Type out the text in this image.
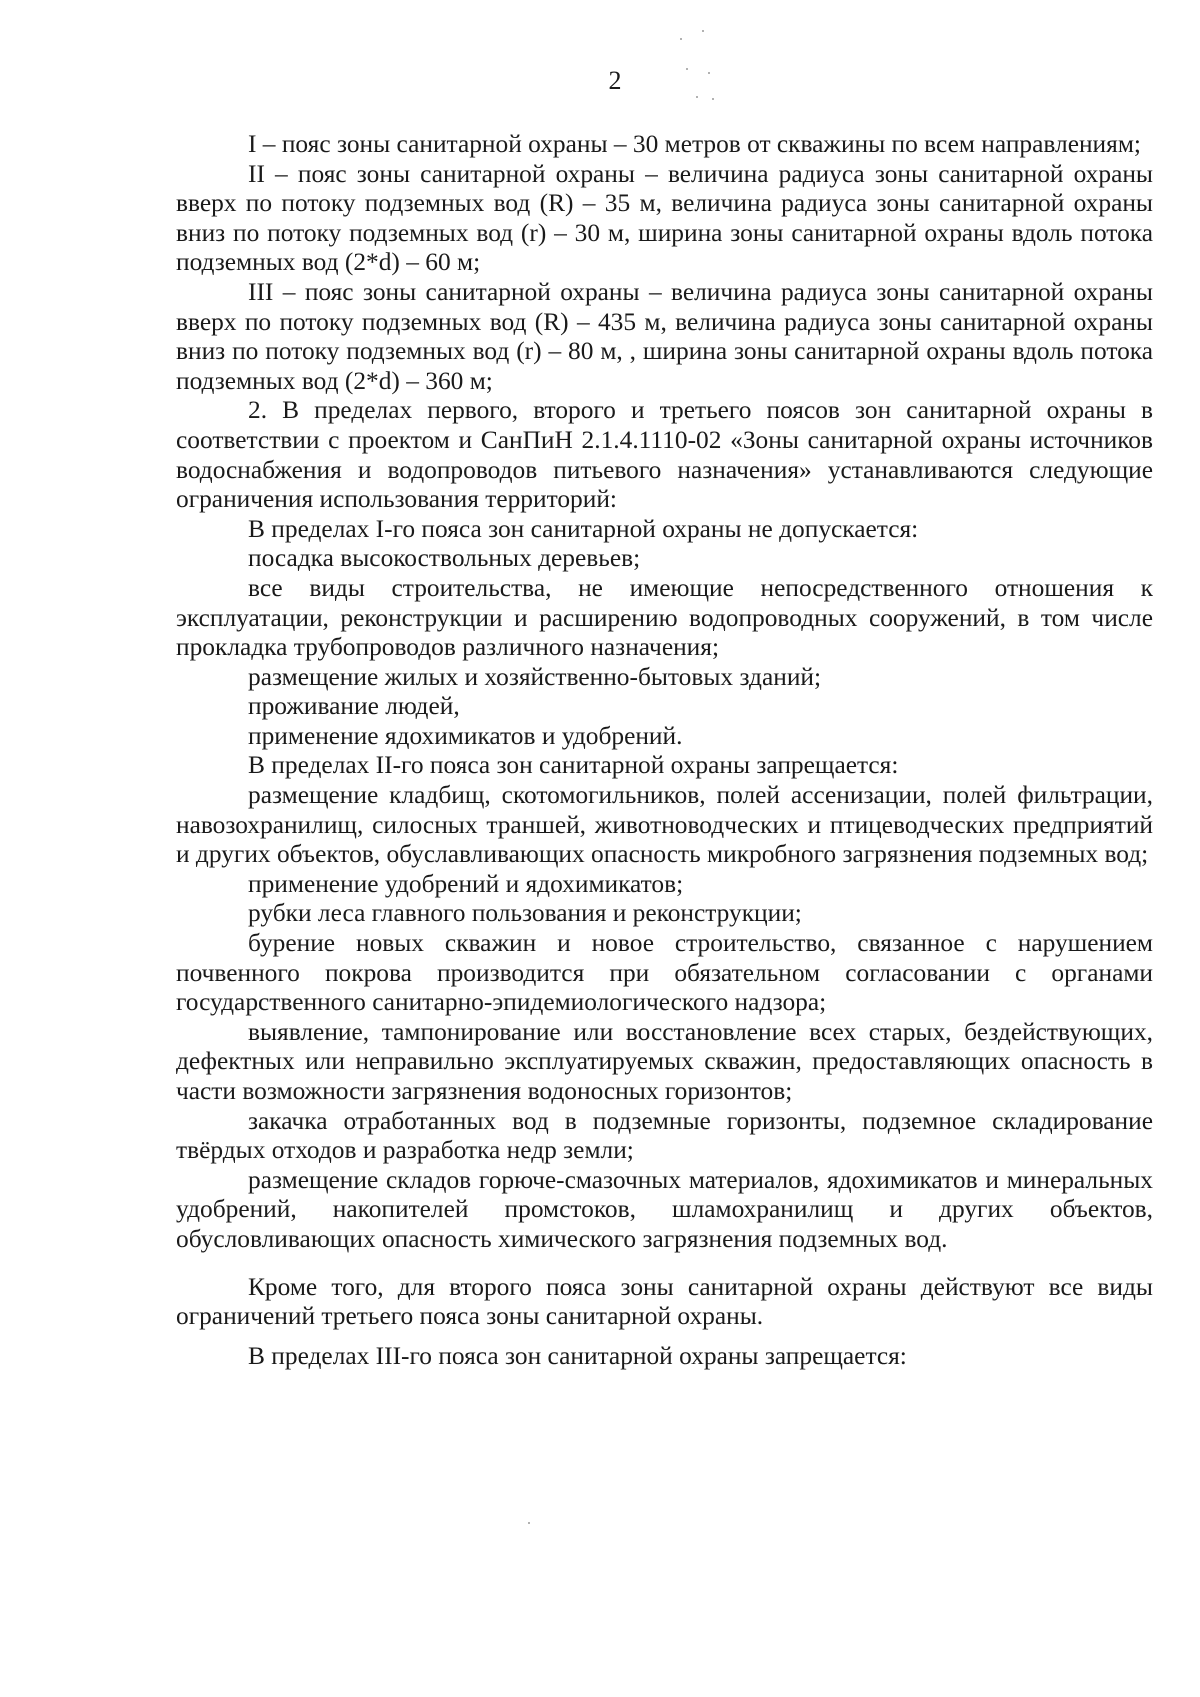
2

I – пояс зоны санитарной охраны – 30 метров от скважины по всем направлениям;

II – пояс зоны санитарной охраны – величина радиуса зоны санитарной охраны вверх по потоку подземных вод (R) – 35 м, величина радиуса зоны санитарной охраны вниз по потоку подземных вод (r) – 30 м, ширина зоны санитарной охраны вдоль потока подземных вод (2*d) – 60 м;

III – пояс зоны санитарной охраны – величина радиуса зоны санитарной охраны вверх по потоку подземных вод (R) – 435 м, величина радиуса зоны санитарной охраны вниз по потоку подземных вод (r) – 80 м, , ширина зоны санитарной охраны вдоль потока подземных вод (2*d) – 360 м;

2. В пределах первого, второго и третьего поясов зон санитарной охраны в соответствии с проектом и СанПиН 2.1.4.1110-02 «Зоны санитарной охраны источников водоснабжения и водопроводов питьевого назначения» устанавливаются следующие ограничения использования территорий:

В пределах I-го пояса зон санитарной охраны не допускается:

посадка высокоствольных деревьев;

все виды строительства, не имеющие непосредственного отношения к эксплуатации, реконструкции и расширению водопроводных сооружений, в том числе прокладка трубопроводов различного назначения;

размещение жилых и хозяйственно-бытовых зданий;

проживание людей,

применение ядохимикатов и удобрений.

В пределах II-го пояса зон санитарной охраны запрещается:

размещение кладбищ, скотомогильников, полей ассенизации, полей фильтрации, навозохранилищ, силосных траншей, животноводческих и птицеводческих предприятий и других объектов, обуславливающих опасность микробного загрязнения подземных вод;

применение удобрений и ядохимикатов;

рубки леса главного пользования и реконструкции;

бурение новых скважин и новое строительство, связанное с нарушением почвенного покрова производится при обязательном согласовании с органами государственного санитарно-эпидемиологического надзора;

выявление, тампонирование или восстановление всех старых, бездействующих, дефектных или неправильно эксплуатируемых скважин, предоставляющих опасность в части возможности загрязнения водоносных горизонтов;

закачка отработанных вод в подземные горизонты, подземное складирование твёрдых отходов и разработка недр земли;

размещение складов горюче-смазочных материалов, ядохимикатов и минеральных удобрений, накопителей промстоков, шламохранилищ и других объектов, обусловливающих опасность химического загрязнения подземных вод.

Кроме того, для второго пояса зоны санитарной охраны действуют все виды ограничений третьего пояса зоны санитарной охраны.

В пределах III-го пояса зон санитарной охраны запрещается:
